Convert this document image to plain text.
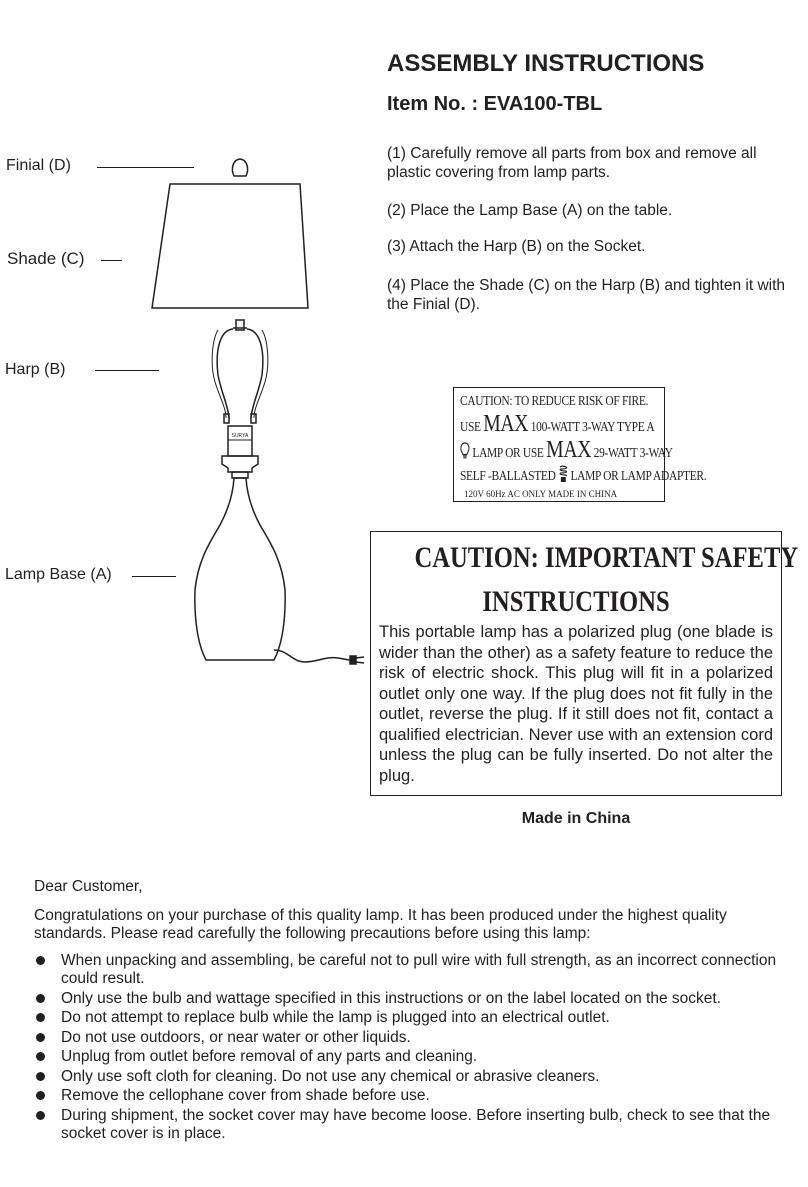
ASSEMBLY INSTRUCTIONS
Item No. : EVA100-TBL
(1) Carefully remove all parts from box and remove all plastic covering from lamp parts.
(2) Place the Lamp Base (A) on the table.
(3) Attach the Harp (B) on the Socket.
(4) Place the Shade (C) on the Harp (B) and tighten it with the Finial (D).
Finial (D)
Shade (C)
Harp (B)
Lamp Base (A)
SURYA
CAUTION: TO REDUCE RISK OF FIRE.
USE MAX 100-WATT 3-WAY TYPE A
LAMP OR USE MAX 29-WATT 3-WAY
SELF -BALLASTED  LAMP OR LAMP ADAPTER.
120V 60Hz AC ONLY MADE IN CHINA
CAUTION: IMPORTANT SAFETY
INSTRUCTIONS
This portable lamp has a polarized plug (one blade is wider than the other) as a safety feature to reduce the risk of electric shock. This plug will fit in a polarized outlet only one way. If the plug does not fit fully in the outlet, reverse the plug. If it still does not fit, contact a qualified electrician. Never use with an extension cord unless the plug can be fully inserted. Do not alter the plug.
Made in China
Dear Customer,
Congratulations on your purchase of this quality lamp. It has been produced under the highest quality standards. Please read carefully the following precautions before using this lamp:
When unpacking and assembling, be careful not to pull wire with full strength, as an incorrect connection could result.
Only use the bulb and wattage specified in this instructions or on the label located on the socket.
Do not attempt to replace bulb while the lamp is plugged into an electrical outlet.
Do not use outdoors, or near water or other liquids.
Unplug from outlet before removal of any parts and cleaning.
Only use soft cloth for cleaning. Do not use any chemical or abrasive cleaners.
Remove the cellophane cover from shade before use.
During shipment, the socket cover may have become loose. Before inserting bulb, check to see that the socket cover is in place.
